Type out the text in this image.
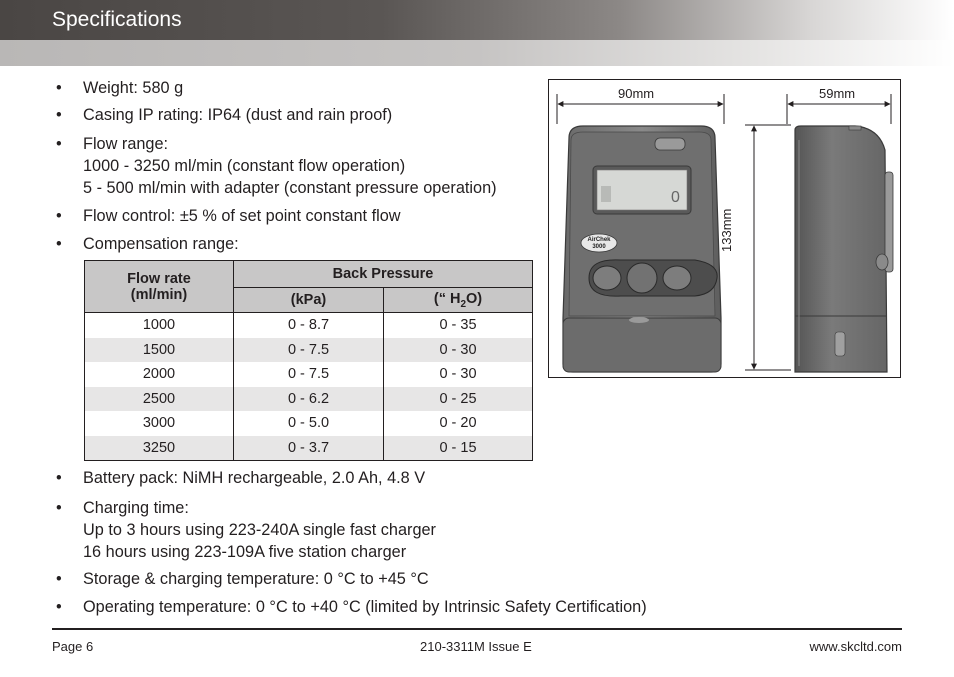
Specifications
• Weight: 580 g
• Casing IP rating: IP64 (dust and rain proof)
• Flow range:
1000 - 3250 ml/min (constant flow operation)
5 - 500 ml/min with adapter (constant pressure operation)
• Flow control: ±5 % of set point constant flow
• Compensation range:
• Battery pack: NiMH rechargeable, 2.0 Ah, 4.8 V
• Charging time:
Up to 3 hours using 223-240A single fast charger
16 hours using 223-109A five station charger
• Storage & charging temperature: 0 °C to +45 °C
• Operating temperature: 0 °C to +40 °C (limited by Intrinsic Safety Certification)
Flow rate
(ml/min)	Back Pressure	
	(kPa)	(“ $H_2O$)
1000	0 - 8.7	0 - 35
1500	0 - 7.5	0 - 30
2000	0 - 7.5	0 - 30
2500	0 - 6.2	0 - 25
3000	0 - 5.0	0 - 20
3250	0 - 3.7	0 - 15
0
AirChek
3000
90mm	59mm
133mm
Page 6	210-3311M Issue E	www.skcltd.com
